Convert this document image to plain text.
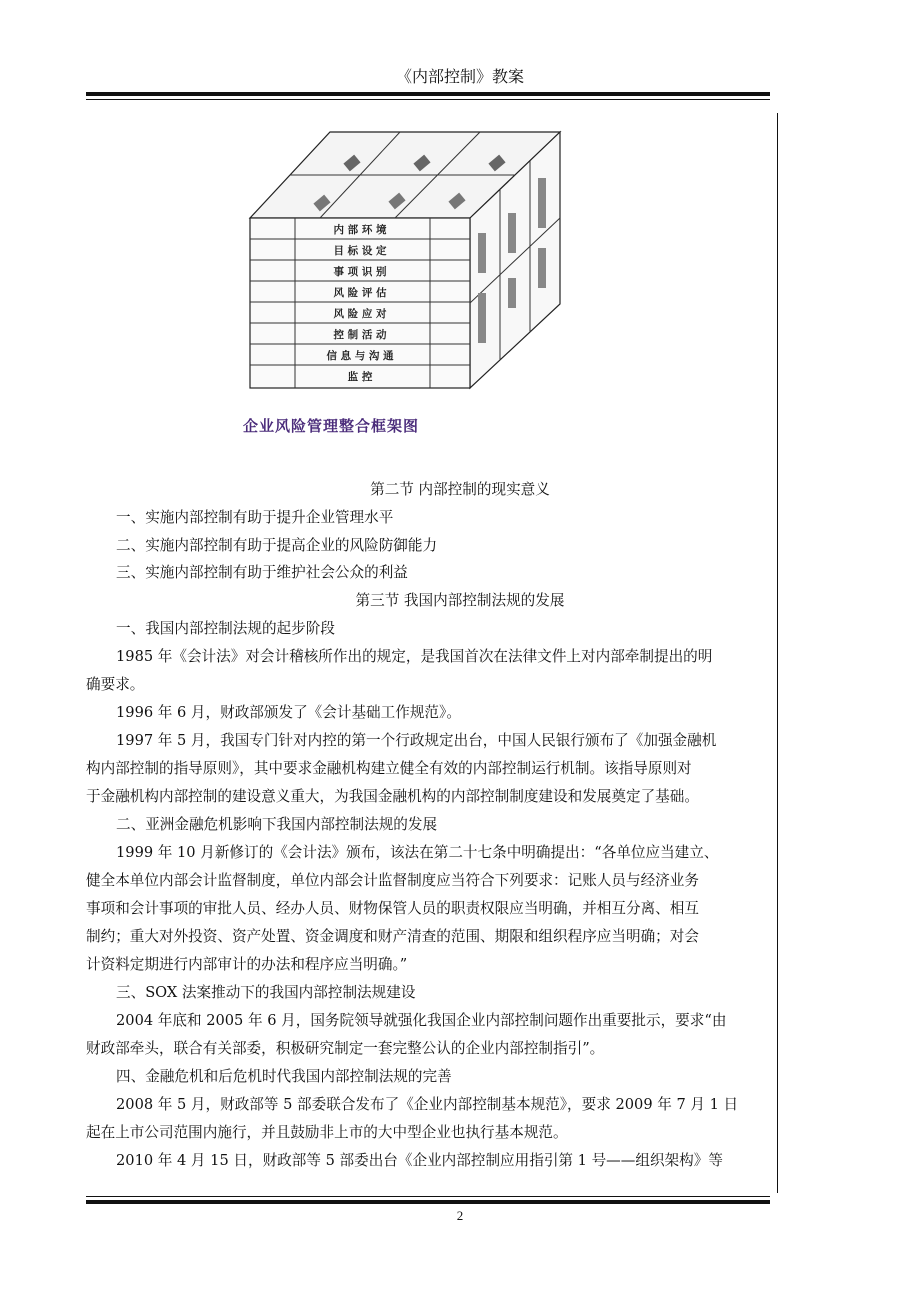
《内部控制》教案
内 部 环 境
目 标 设 定
事 项 识 别
风 险 评 估
风 险 应 对
控 制 活 动
信 息 与 沟 通
监 控
企业风险管理整合框架图
第二节 内部控制的现实意义
一、实施内部控制有助于提升企业管理水平
二、实施内部控制有助于提高企业的风险防御能力
三、实施内部控制有助于维护社会公众的利益
第三节 我国内部控制法规的发展
一、我国内部控制法规的起步阶段
1985 年《会计法》对会计稽核所作出的规定，是我国首次在法律文件上对内部牵制提出的明
确要求。
1996 年 6 月，财政部颁发了《会计基础工作规范》。
1997 年 5 月，我国专门针对内控的第一个行政规定出台，中国人民银行颁布了《加强金融机
构内部控制的指导原则》，其中要求金融机构建立健全有效的内部控制运行机制。该指导原则对
于金融机构内部控制的建设意义重大，为我国金融机构的内部控制制度建设和发展奠定了基础。
二、亚洲金融危机影响下我国内部控制法规的发展
1999 年 10 月新修订的《会计法》颁布，该法在第二十七条中明确提出：“各单位应当建立、
健全本单位内部会计监督制度，单位内部会计监督制度应当符合下列要求：记账人员与经济业务
事项和会计事项的审批人员、经办人员、财物保管人员的职责权限应当明确，并相互分离、相互
制约；重大对外投资、资产处置、资金调度和财产清查的范围、期限和组织程序应当明确；对会
计资料定期进行内部审计的办法和程序应当明确。”
三、SOX 法案推动下的我国内部控制法规建设
2004 年底和 2005 年 6 月，国务院领导就强化我国企业内部控制问题作出重要批示，要求“由
财政部牵头，联合有关部委，积极研究制定一套完整公认的企业内部控制指引”。
四、金融危机和后危机时代我国内部控制法规的完善
2008 年 5 月，财政部等 5 部委联合发布了《企业内部控制基本规范》，要求 2009 年 7 月 1 日
起在上市公司范围内施行，并且鼓励非上市的大中型企业也执行基本规范。
2010 年 4 月 15 日，财政部等 5 部委出台《企业内部控制应用指引第 1 号——组织架构》等
2
